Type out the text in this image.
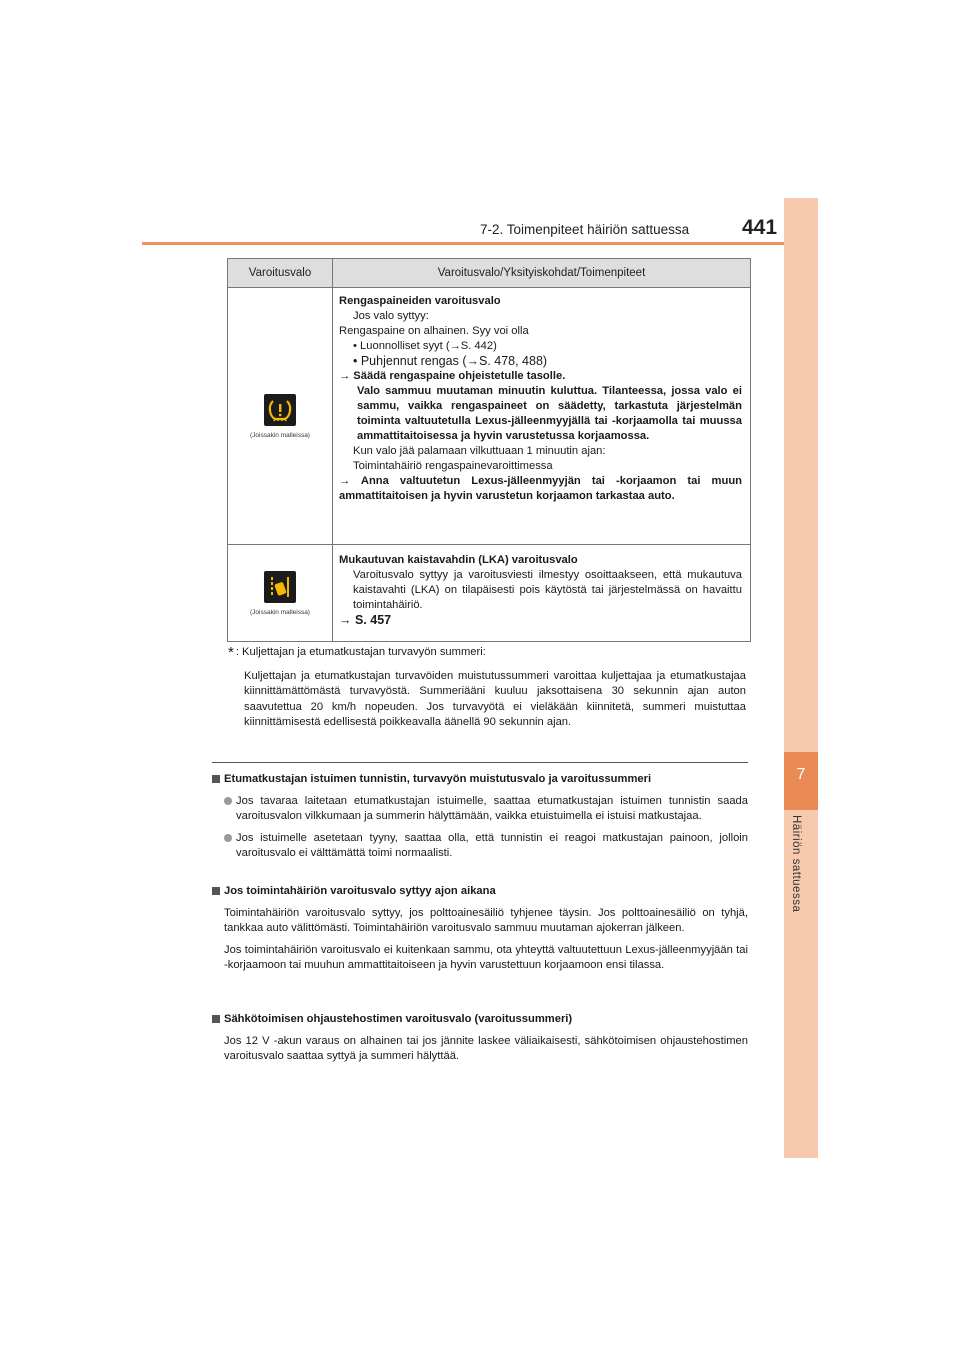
7-2. Toimenpiteet häiriön sattuessa	441
7
Häiriön sattuessa
Varoitusvalo	Varoitusvalo/Yksityiskohdat/Toimenpiteet
(Joissakin malleissa)
Rengaspaineiden varoitusvalo
Jos valo syttyy:
Rengaspaine on alhainen. Syy voi olla
• Luonnolliset syyt (→S. 442)
• Puhjennut rengas (→S. 478, 488)
→ Säädä rengaspaine ohjeistetulle tasolle.
Valo sammuu muutaman minuutin kuluttua. Tilanteessa, jossa valo ei sammu, vaikka rengaspaineet on säädetty, tarkastuta järjestelmän toiminta valtuutetulla Lexus-jälleenmyyjällä tai -korjaamolla tai muussa ammattitaitoisessa ja hyvin varustetussa korjaamossa.
Kun valo jää palamaan vilkuttuaan 1 minuutin ajan:
Toimintahäiriö rengaspainevaroittimessa
→ Anna valtuutetun Lexus-jälleenmyyjän tai -korjaamon tai muun ammattitaitoisen ja hyvin varustetun korjaamon tarkastaa auto.
(Joissakin malleissa)
Mukautuvan kaistavahdin (LKA) varoitusvalo
Varoitusvalo syttyy ja varoitusviesti ilmestyy osoittaakseen, että mukautuva kaistavahti (LKA) on tilapäisesti pois käytöstä tai järjestelmässä on havaittu toimintahäiriö.
→ S. 457
* : Kuljettajan ja etumatkustajan turvavyön summeri:
Kuljettajan ja etumatkustajan turvavöiden muistutussummeri varoittaa kuljettajaa ja etumatkustajaa kiinnittämättömästä turvavyöstä. Summeriääni kuuluu jaksottaisena 30 sekunnin ajan auton saavutettua 20 km/h nopeuden. Jos turvavyötä ei vieläkään kiinnitetä, summeri muistuttaa kiinnittämisestä edellisestä poikkeavalla äänellä 90 sekunnin ajan.
Etumatkustajan istuimen tunnistin, turvavyön muistutusvalo ja varoitussummeri
Jos tavaraa laitetaan etumatkustajan istuimelle, saattaa etumatkustajan istuimen tunnistin saada varoitusvalon vilkkumaan ja summerin hälyttämään, vaikka etuistuimella ei istuisi matkustajaa.
Jos istuimelle asetetaan tyyny, saattaa olla, että tunnistin ei reagoi matkustajan painoon, jolloin varoitusvalo ei välttämättä toimi normaalisti.
Jos toimintahäiriön varoitusvalo syttyy ajon aikana
Toimintahäiriön varoitusvalo syttyy, jos polttoainesäiliö tyhjenee täysin. Jos polttoainesäiliö on tyhjä, tankkaa auto välittömästi. Toimintahäiriön varoitusvalo sammuu muutaman ajokerran jälkeen.
Jos toimintahäiriön varoitusvalo ei kuitenkaan sammu, ota yhteyttä valtuutettuun Lexus-jälleenmyyjään tai -korjaamoon tai muuhun ammattitaitoiseen ja hyvin varustettuun korjaamoon ensi tilassa.
Sähkötoimisen ohjaustehostimen varoitusvalo (varoitussummeri)
Jos 12 V -akun varaus on alhainen tai jos jännite laskee väliaikaisesti, sähkötoimisen ohjaustehostimen varoitusvalo saattaa syttyä ja summeri hälyttää.
